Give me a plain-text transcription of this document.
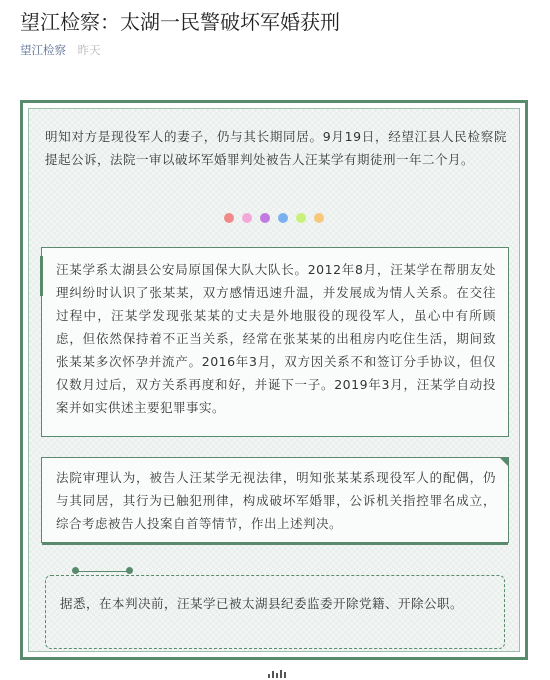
望江检察：太湖一民警破坏军婚获刑
望江检察 昨天

明知对方是现役军人的妻子，仍与其长期同居。9月19日，经望江县人民检察院提起公诉，法院一审以破坏军婚罪判处被告人汪某学有期徒刑一年二个月。

汪某学系太湖县公安局原国保大队大队长。2012年8月，汪某学在帮朋友处理纠纷时认识了张某某，双方感情迅速升温，并发展成为情人关系。在交往过程中，汪某学发现张某某的丈夫是外地服役的现役军人，虽心中有所顾虑，但依然保持着不正当关系，经常在张某某的出租房内吃住生活，期间致张某某多次怀孕并流产。2016年3月，双方因关系不和签订分手协议，但仅仅数月过后，双方关系再度和好，并诞下一子。2019年3月，汪某学自动投案并如实供述主要犯罪事实。

法院审理认为，被告人汪某学无视法律，明知张某某系现役军人的配偶，仍与其同居，其行为已触犯刑律，构成破坏军婚罪，公诉机关指控罪名成立，综合考虑被告人投案自首等情节，作出上述判决。

据悉，在本判决前，汪某学已被太湖县纪委监委开除党籍、开除公职。
